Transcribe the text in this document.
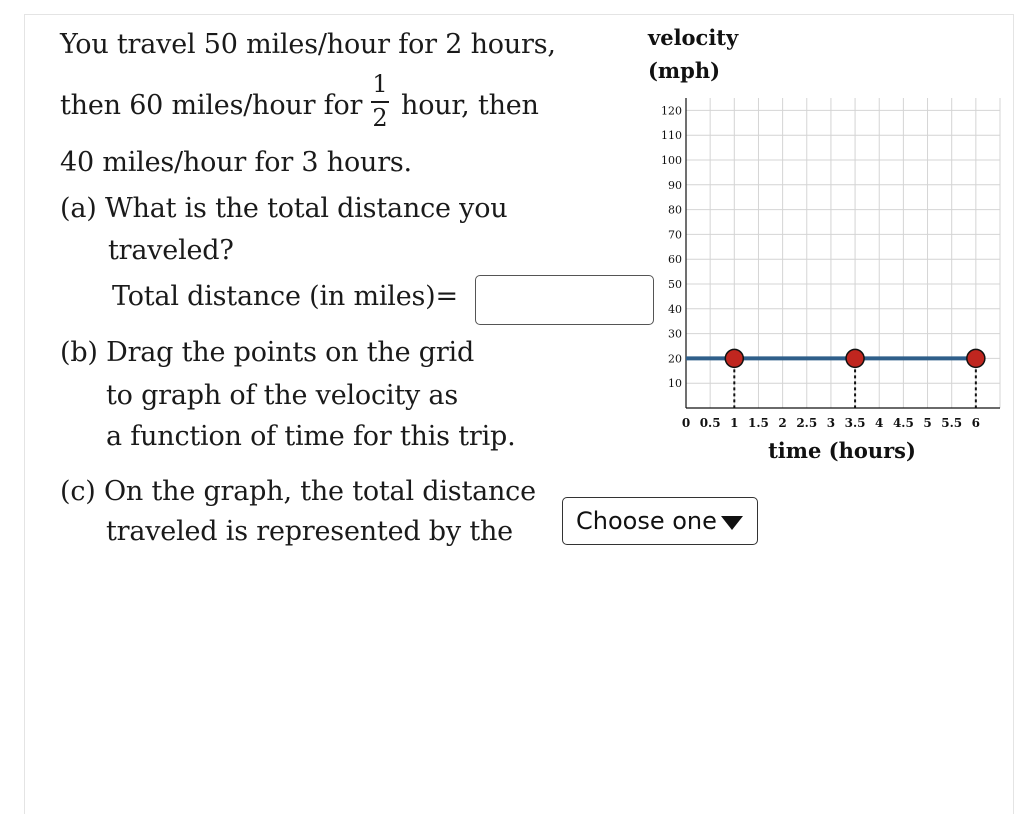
You travel 50 miles/hour for 2 hours,
then 60 miles/hour for
1
2 hour, then
40 miles/hour for 3 hours.
(a) What is the total distance you
traveled?
Total distance (in miles)=
(b) Drag the points on the grid
to graph of the velocity as
a function of time for this trip.
(c) On the graph, the total distance
traveled is represented by the	Choose one
velocity
(mph)
time (hours)
10
20
30
40
50
60
70
80
90
100
110
120
0 0.5 1 1.5 2 2.5 3 3.5 4 4.5 5 5.5 6
